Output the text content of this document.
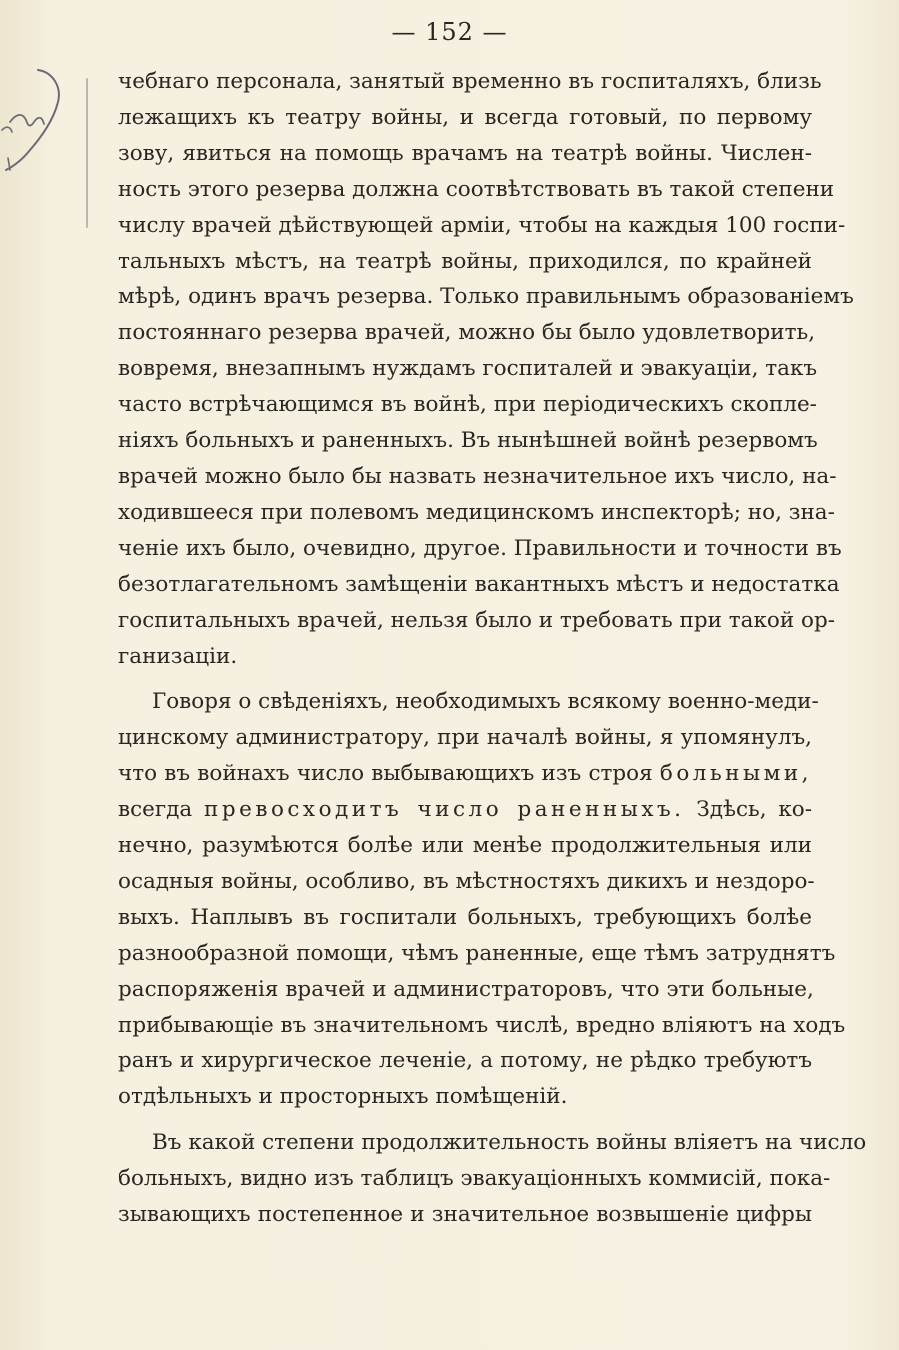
— 152 —

чебнаго персонала, занятый временно въ госпиталяхъ, близь
лежащихъ къ театру войны, и всегда готовый, по первому
зову, явиться на помощь врачамъ на театрѣ войны. Числен-
ность этого резерва должна соотвѣтствовать въ такой степени
числу врачей дѣйствующей арміи, чтобы на каждыя 100 госпи-
тальныхъ мѣстъ, на театрѣ войны, приходился, по крайней
мѣрѣ, одинъ врачъ резерва. Только правильнымъ образованіемъ
постояннаго резерва врачей, можно бы было удовлетворить,
вовремя, внезапнымъ нуждамъ госпиталей и эвакуаціи, такъ
часто встрѣчающимся въ войнѣ, при періодическихъ скопле-
ніяхъ больныхъ и раненныхъ. Въ нынѣшней войнѣ резервомъ
врачей можно было бы назвать незначительное ихъ число, на-
ходившееся при полевомъ медицинскомъ инспекторѣ; но, зна-
ченіе ихъ было, очевидно, другое. Правильности и точности въ
безотлагательномъ замѣщеніи вакантныхъ мѣстъ и недостатка
госпитальныхъ врачей, нельзя было и требовать при такой ор-
ганизаціи.

Говоря о свѣденіяхъ, необходимыхъ всякому военно-меди-
цинскому администратору, при началѣ войны, я упомянулъ,
что въ войнахъ число выбывающихъ изъ строя больными,
всегда превосходитъ число раненныхъ. Здѣсь, ко-
нечно, разумѣются болѣе или менѣе продолжительныя или
осадныя войны, особливо, въ мѣстностяхъ дикихъ и нездоро-
выхъ. Наплывъ въ госпитали больныхъ, требующихъ болѣе
разнообразной помощи, чѣмъ раненные, еще тѣмъ затруднятъ
распоряженія врачей и администраторовъ, что эти больные,
прибывающіе въ значительномъ числѣ, вредно вліяютъ на ходъ
ранъ и хирургическое леченіе, а потому, не рѣдко требуютъ
отдѣльныхъ и просторныхъ помѣщеній.

Въ какой степени продолжительность войны вліяетъ на число
больныхъ, видно изъ таблицъ эвакуаціонныхъ коммисій, пока-
зывающихъ постепенное и значительное возвышеніе цифры
